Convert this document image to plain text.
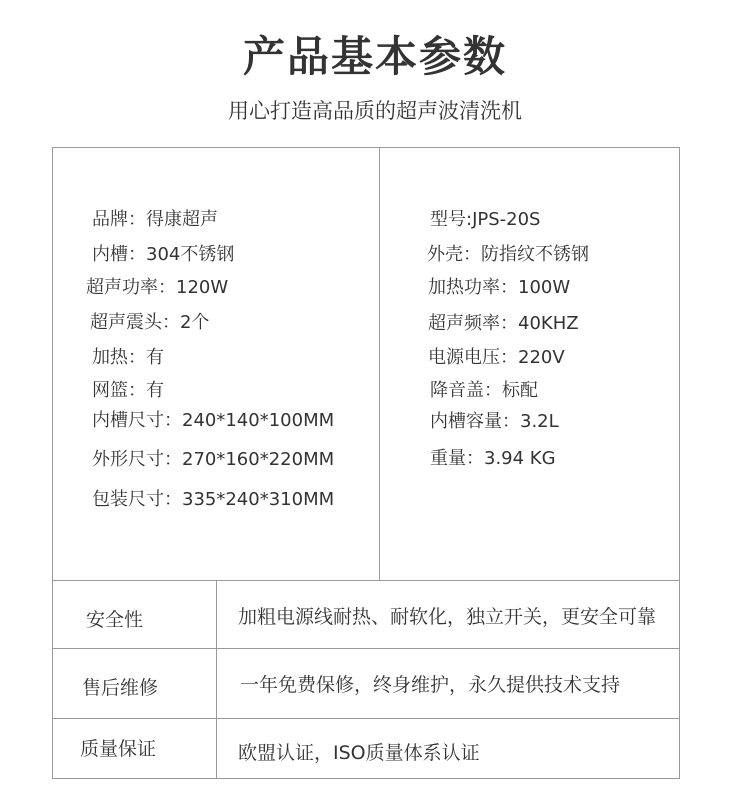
产品基本参数
用心打造高品质的超声波清洗机
品牌：得康超声
内槽：304不锈钢
超声功率：120W
超声震头：2个
加热：有
网篮：有
内槽尺寸：240*140*100MM
外形尺寸：270*160*220MM
包装尺寸：335*240*310MM
型号:JPS-20S
外壳：防指纹不锈钢
加热功率：100W
超声频率：40KHZ
电源电压：220V
降音盖：标配
内槽容量：3.2L
重量：3.94 KG
安全性	加粗电源线耐热、耐软化，独立开关，更安全可靠
售后维修	一年免费保修，终身维护，永久提供技术支持
质量保证	欧盟认证，ISO质量体系认证
